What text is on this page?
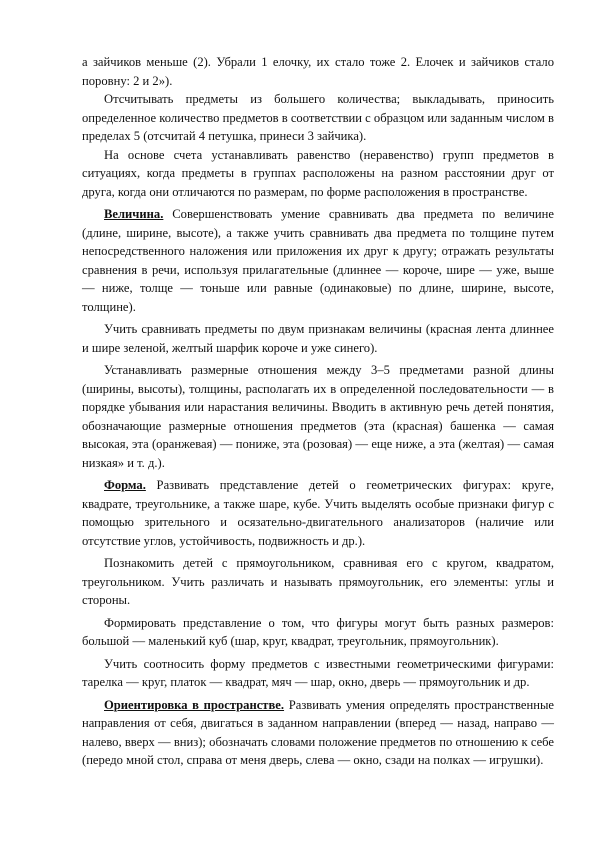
а зайчиков меньше (2). Убрали 1 елочку, их стало тоже 2. Елочек и зайчиков стало поровну: 2 и 2»).

Отсчитывать предметы из большего количества; выкладывать, приносить определенное количество предметов в соответствии с образцом или заданным числом в пределах 5 (отсчитай 4 петушка, принеси 3 зайчика).

На основе счета устанавливать равенство (неравенство) групп предметов в ситуациях, когда предметы в группах расположены на разном расстоянии друг от друга, когда они отличаются по размерам, по форме расположения в пространстве.

Величина. Совершенствовать умение сравнивать два предмета по величине (длине, ширине, высоте), а также учить сравнивать два предмета по толщине путем непосредственного наложения или приложения их друг к другу; отражать результаты сравнения в речи, используя прилагательные (длиннее — короче, шире — уже, выше — ниже, толще — тоньше или равные (одинаковые) по длине, ширине, высоте, толщине).

Учить сравнивать предметы по двум признакам величины (красная лента длиннее и шире зеленой, желтый шарфик короче и уже синего).

Устанавливать размерные отношения между 3–5 предметами разной длины (ширины, высоты), толщины, располагать их в определенной последовательности — в порядке убывания или нарастания величины. Вводить в активную речь детей понятия, обозначающие размерные отношения предметов (эта (красная) башенка — самая высокая, эта (оранжевая) — пониже, эта (розовая) — еще ниже, а эта (желтая) — самая низкая» и т. д.).

Форма. Развивать представление детей о геометрических фигурах: круге, квадрате, треугольнике, а также шаре, кубе. Учить выделять особые признаки фигур с помощью зрительного и осязательно-двигательного анализаторов (наличие или отсутствие углов, устойчивость, подвижность и др.).

Познакомить детей с прямоугольником, сравнивая его с кругом, квадратом, треугольником. Учить различать и называть прямоугольник, его элементы: углы и стороны.

Формировать представление о том, что фигуры могут быть разных размеров: большой — маленький куб (шар, круг, квадрат, треугольник, прямоугольник).

Учить соотносить форму предметов с известными геометрическими фигурами: тарелка — круг, платок — квадрат, мяч — шар, окно, дверь — прямоугольник и др.

Ориентировка в пространстве. Развивать умения определять пространственные направления от себя, двигаться в заданном направлении (вперед — назад, направо — налево, вверх — вниз); обозначать словами положение предметов по отношению к себе (передо мной стол, справа от меня дверь, слева — окно, сзади на полках — игрушки).
